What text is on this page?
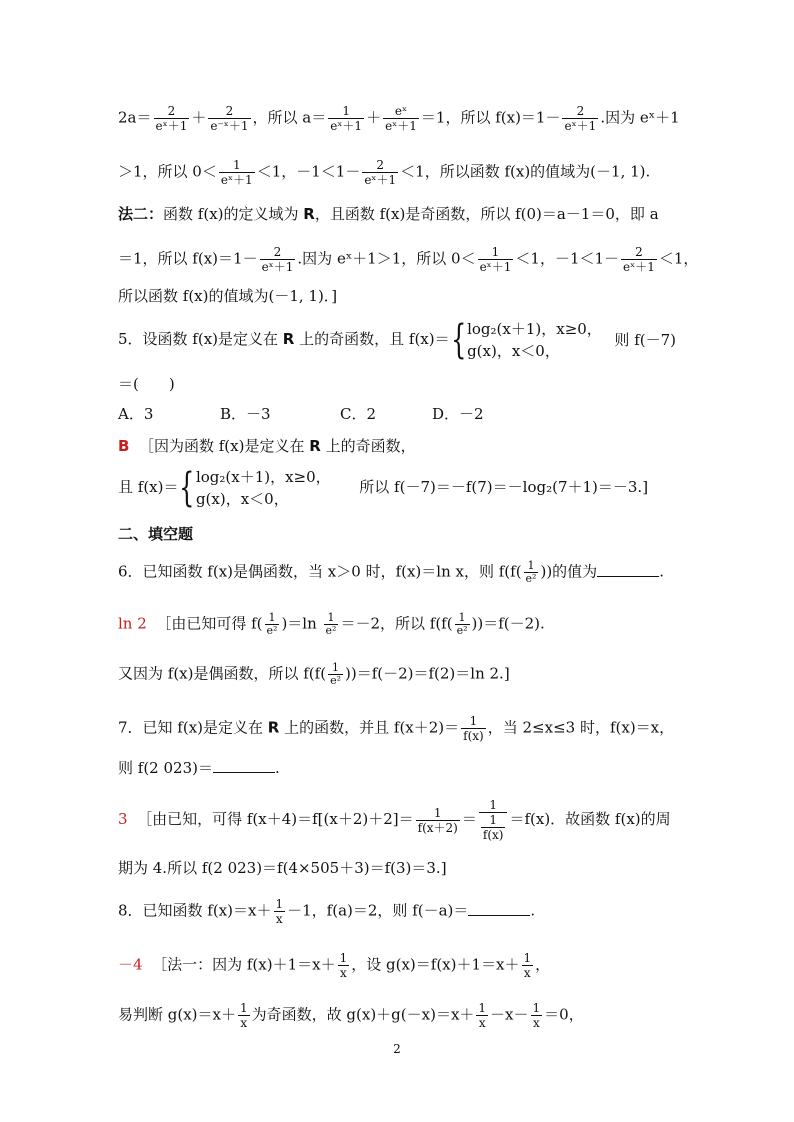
$2a= \frac{2}{\text{eˣ＋1}} + \frac{2}{\text{e⁻ˣ＋1}}$ ，所以 $a= \frac{1}{\text{eˣ＋1}} + \frac{\text{eˣ}}{\text{eˣ＋1}} =1$，所以 $f(x)=1- \frac{2}{\text{eˣ＋1}}$ .因为 eˣ＋1
＞1，所以 $0< \frac{1}{\text{eˣ＋1}} <1$，$-1<1- \frac{2}{\text{eˣ＋1}} <1$，所以函数 f(x)的值域为(－1, 1).
法二：函数 f(x)的定义域为 R，且函数 f(x)是奇函数，所以 f(0)＝a－1＝0，即 a
＝1，所以 $f(x)=1- \frac{2}{\text{eˣ＋1}}$ .因为 eˣ＋1＞1，所以 $0< \frac{1}{\text{eˣ＋1}} <1$，$-1<1- \frac{2}{\text{eˣ＋1}} <1$，
所以函数 f(x)的值域为(－1, 1)．]
5．设函数 f(x)是定义在 R 上的奇函数，且 f(x)＝{ log₂(x＋1)，x≥0，
g(x)，x＜0，
则 f(－7)
＝(　　)
A．3	B．－3	C．2	D．－2
B ［因为函数 f(x)是定义在 R 上的奇函数，
且 f(x)＝{ log₂(x＋1)，x≥0，
g(x)，x＜0，
所以 f(－7)＝－f(7)＝－log₂(7＋1)＝－3.]
二、填空题
6．已知函数 f(x)是偶函数，当 x＞0 时，f(x)＝ln x，则 $f(f( \frac{1}{\text{e²}}$ ))的值为	.
ln 2 ［由已知可得 $f( \frac{1}{\text{e²}} )=\ln \frac{1}{\text{e²}} =-2$，所以 $f(f( \frac{1}{\text{e²}} ))=f(-2)$.
又因为 f(x)是偶函数，所以 $f(f( \frac{1}{\text{e²}} ))=f(-2)=f(2)=\ln$ 2.]
7．已知 f(x)是定义在 R 上的函数，并且 $f(x+2)= \frac{1}{f(x)}$ ，当 2≤x≤3 时，f(x)＝x，
则 f(2 023)＝	.
3 ［由已知，可得 $f(x+4)=f[(x+2)+2]= \frac{1}{f(x+2)} = \frac{1}{\frac{1}{f(x)}} =f(x)$．故函数 f(x)的周
期为 4.所以 f(2 023)＝f(4×505＋3)＝f(3)＝3.]
8．已知函数 $f(x)=x+ \frac{1}{x} -1$，f(a)＝2，则 f(－a)＝	.
－4 ［法一：因为 $f(x)+1=x+ \frac{1}{x}$ ，设 $g(x)=f(x)+1=x+ \frac{1}{x}$ ，
易判断 $g(x)=x+ \frac{1}{x}$ 为奇函数，故 $g(x)+g(-x)=x+ \frac{1}{x} -x- \frac{1}{x} =0$，
2
